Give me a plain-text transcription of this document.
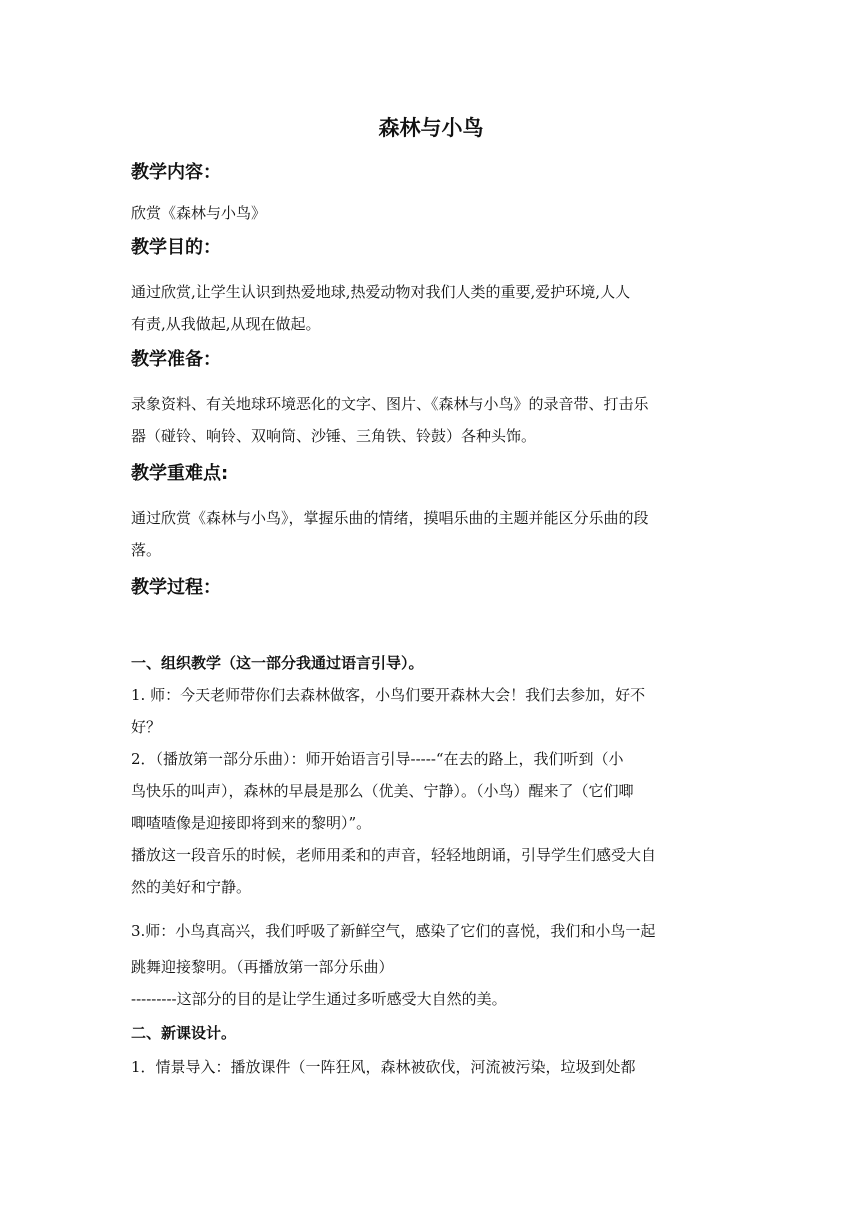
森林与小鸟
教学内容：
欣赏《森林与小鸟》
教学目的：
通过欣赏,让学生认识到热爱地球,热爱动物对我们人类的重要,爱护环境,人人
有责,从我做起,从现在做起。
教学准备：
录象资料、有关地球环境恶化的文字、图片、《森林与小鸟》的录音带、打击乐
器（碰铃、响铃、双响筒、沙锤、三角铁、铃鼓）各种头饰。
教学重难点:
通过欣赏《森林与小鸟》，掌握乐曲的情绪，摸唱乐曲的主题并能区分乐曲的段
落。
教学过程：
一、组织教学（这一部分我通过语言引导）。
1. 师：今天老师带你们去森林做客，小鸟们要开森林大会！我们去参加，好不
好？
2．（播放第一部分乐曲）：师开始语言引导-----“在去的路上，我们听到（小
鸟快乐的叫声），森林的早晨是那么（优美、宁静）。（小鸟）醒来了（它们唧
唧喳喳像是迎接即将到来的黎明）”。
播放这一段音乐的时候，老师用柔和的声音，轻轻地朗诵，引导学生们感受大自
然的美好和宁静。
3.师：小鸟真高兴，我们呼吸了新鲜空气，感染了它们的喜悦，我们和小鸟一起
跳舞迎接黎明。（再播放第一部分乐曲）
---------这部分的目的是让学生通过多听感受大自然的美。
二、新课设计。
1．情景导入：播放课件（一阵狂风，森林被砍伐，河流被污染，垃圾到处都
